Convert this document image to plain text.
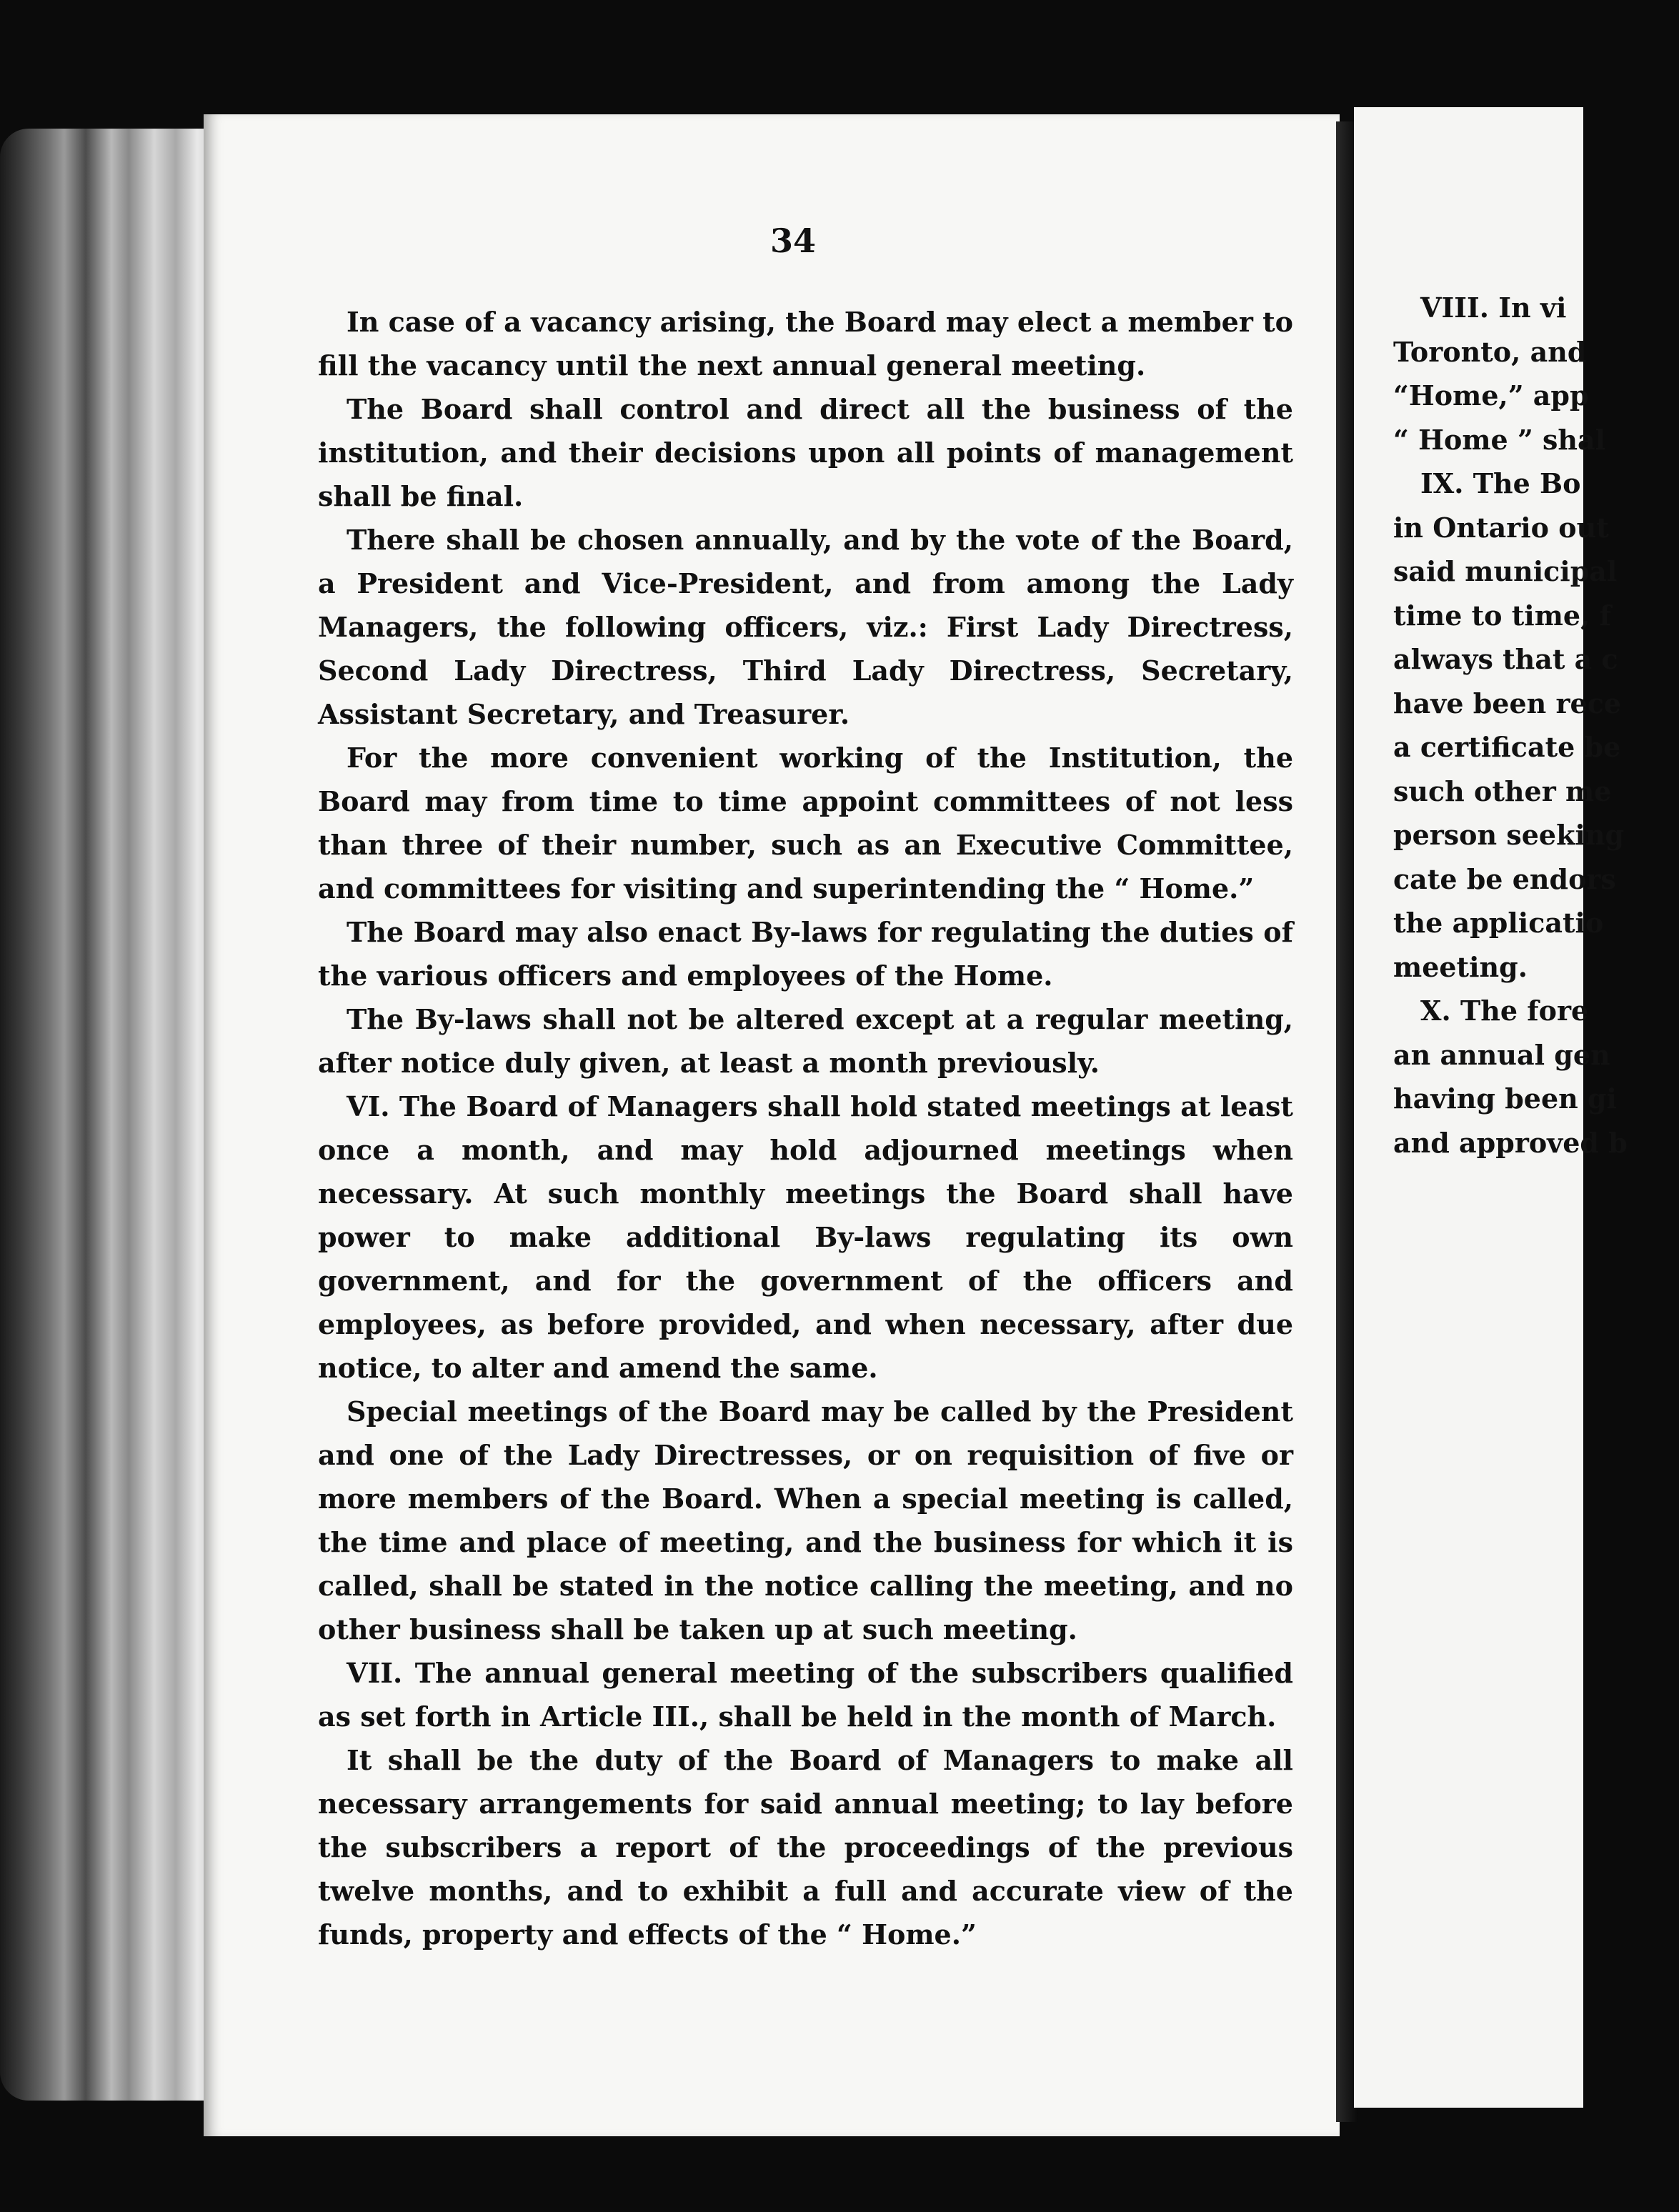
34

In case of a vacancy arising, the Board may elect a member to fill the vacancy until the next annual general meeting.

The Board shall control and direct all the business of the institution, and their decisions upon all points of management shall be final.

There shall be chosen annually, and by the vote of the Board, a President and Vice-President, and from among the Lady Managers, the following officers, viz.: First Lady Directress, Second Lady Directress, Third Lady Directress, Secretary, Assistant Secretary, and Treasurer.

For the more convenient working of the Institution, the Board may from time to time appoint committees of not less than three of their number, such as an Executive Committee, and committees for visiting and superintending the “ Home.”

The Board may also enact By-laws for regulating the duties of the various officers and employees of the Home.

The By-laws shall not be altered except at a regular meeting, after notice duly given, at least a month previously.

VI. The Board of Managers shall hold stated meetings at least once a month, and may hold adjourned meetings when necessary. At such monthly meetings the Board shall have power to make additional By-laws regulating its own government, and for the government of the officers and employees, as before provided, and when necessary, after due notice, to alter and amend the same.

Special meetings of the Board may be called by the President and one of the Lady Directresses, or on requisition of five or more members of the Board. When a special meeting is called, the time and place of meeting, and the business for which it is called, shall be stated in the notice calling the meeting, and no other business shall be taken up at such meeting.

VII. The annual general meeting of the subscribers qualified as set forth in Article III., shall be held in the month of March.

It shall be the duty of the Board of Managers to make all necessary arrangements for said annual meeting; to lay before the subscribers a report of the proceedings of the previous twelve months, and to exhibit a full and accurate view of the funds, property and effects of the “ Home.”

VIII. In vi
Toronto, and
“Home,” app
“ Home ” shal
IX. The Bo
in Ontario out
said municipal
time to time, f
always that a c
have been rece
a certificate be
such other me
person seeking
cate be endors
the applicatio
meeting.
X. The fore
an annual gen
having been gi
and approved b
